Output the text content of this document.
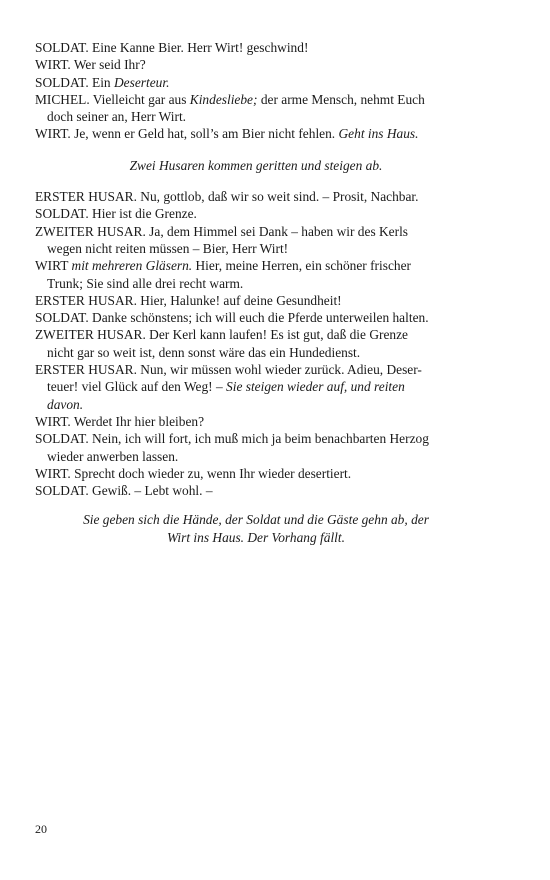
SOLDAT. Eine Kanne Bier. Herr Wirt! geschwind!
WIRT. Wer seid Ihr?
SOLDAT. Ein Deserteur.
MICHEL. Vielleicht gar aus Kindesliebe; der arme Mensch, nehmt Euch
doch seiner an, Herr Wirt.
WIRT. Je, wenn er Geld hat, soll’s am Bier nicht fehlen. Geht ins Haus.
Zwei Husaren kommen geritten und steigen ab.
ERSTER HUSAR. Nu, gottlob, daß wir so weit sind. – Prosit, Nachbar.
SOLDAT. Hier ist die Grenze.
ZWEITER HUSAR. Ja, dem Himmel sei Dank – haben wir des Kerls
wegen nicht reiten müssen – Bier, Herr Wirt!
WIRT mit mehreren Gläsern. Hier, meine Herren, ein schöner frischer
Trunk; Sie sind alle drei recht warm.
ERSTER HUSAR. Hier, Halunke! auf deine Gesundheit!
SOLDAT. Danke schönstens; ich will euch die Pferde unterweilen halten.
ZWEITER HUSAR. Der Kerl kann laufen! Es ist gut, daß die Grenze
nicht gar so weit ist, denn sonst wäre das ein Hundedienst.
ERSTER HUSAR. Nun, wir müssen wohl wieder zurück. Adieu, Deser-
teuer! viel Glück auf den Weg! – Sie steigen wieder auf, und reiten
davon.
WIRT. Werdet Ihr hier bleiben?
SOLDAT. Nein, ich will fort, ich muß mich ja beim benachbarten Herzog
wieder anwerben lassen.
WIRT. Sprecht doch wieder zu, wenn Ihr wieder desertiert.
SOLDAT. Gewiß. – Lebt wohl. –
Sie geben sich die Hände, der Soldat und die Gäste gehn ab, der
Wirt ins Haus. Der Vorhang fällt.
20
